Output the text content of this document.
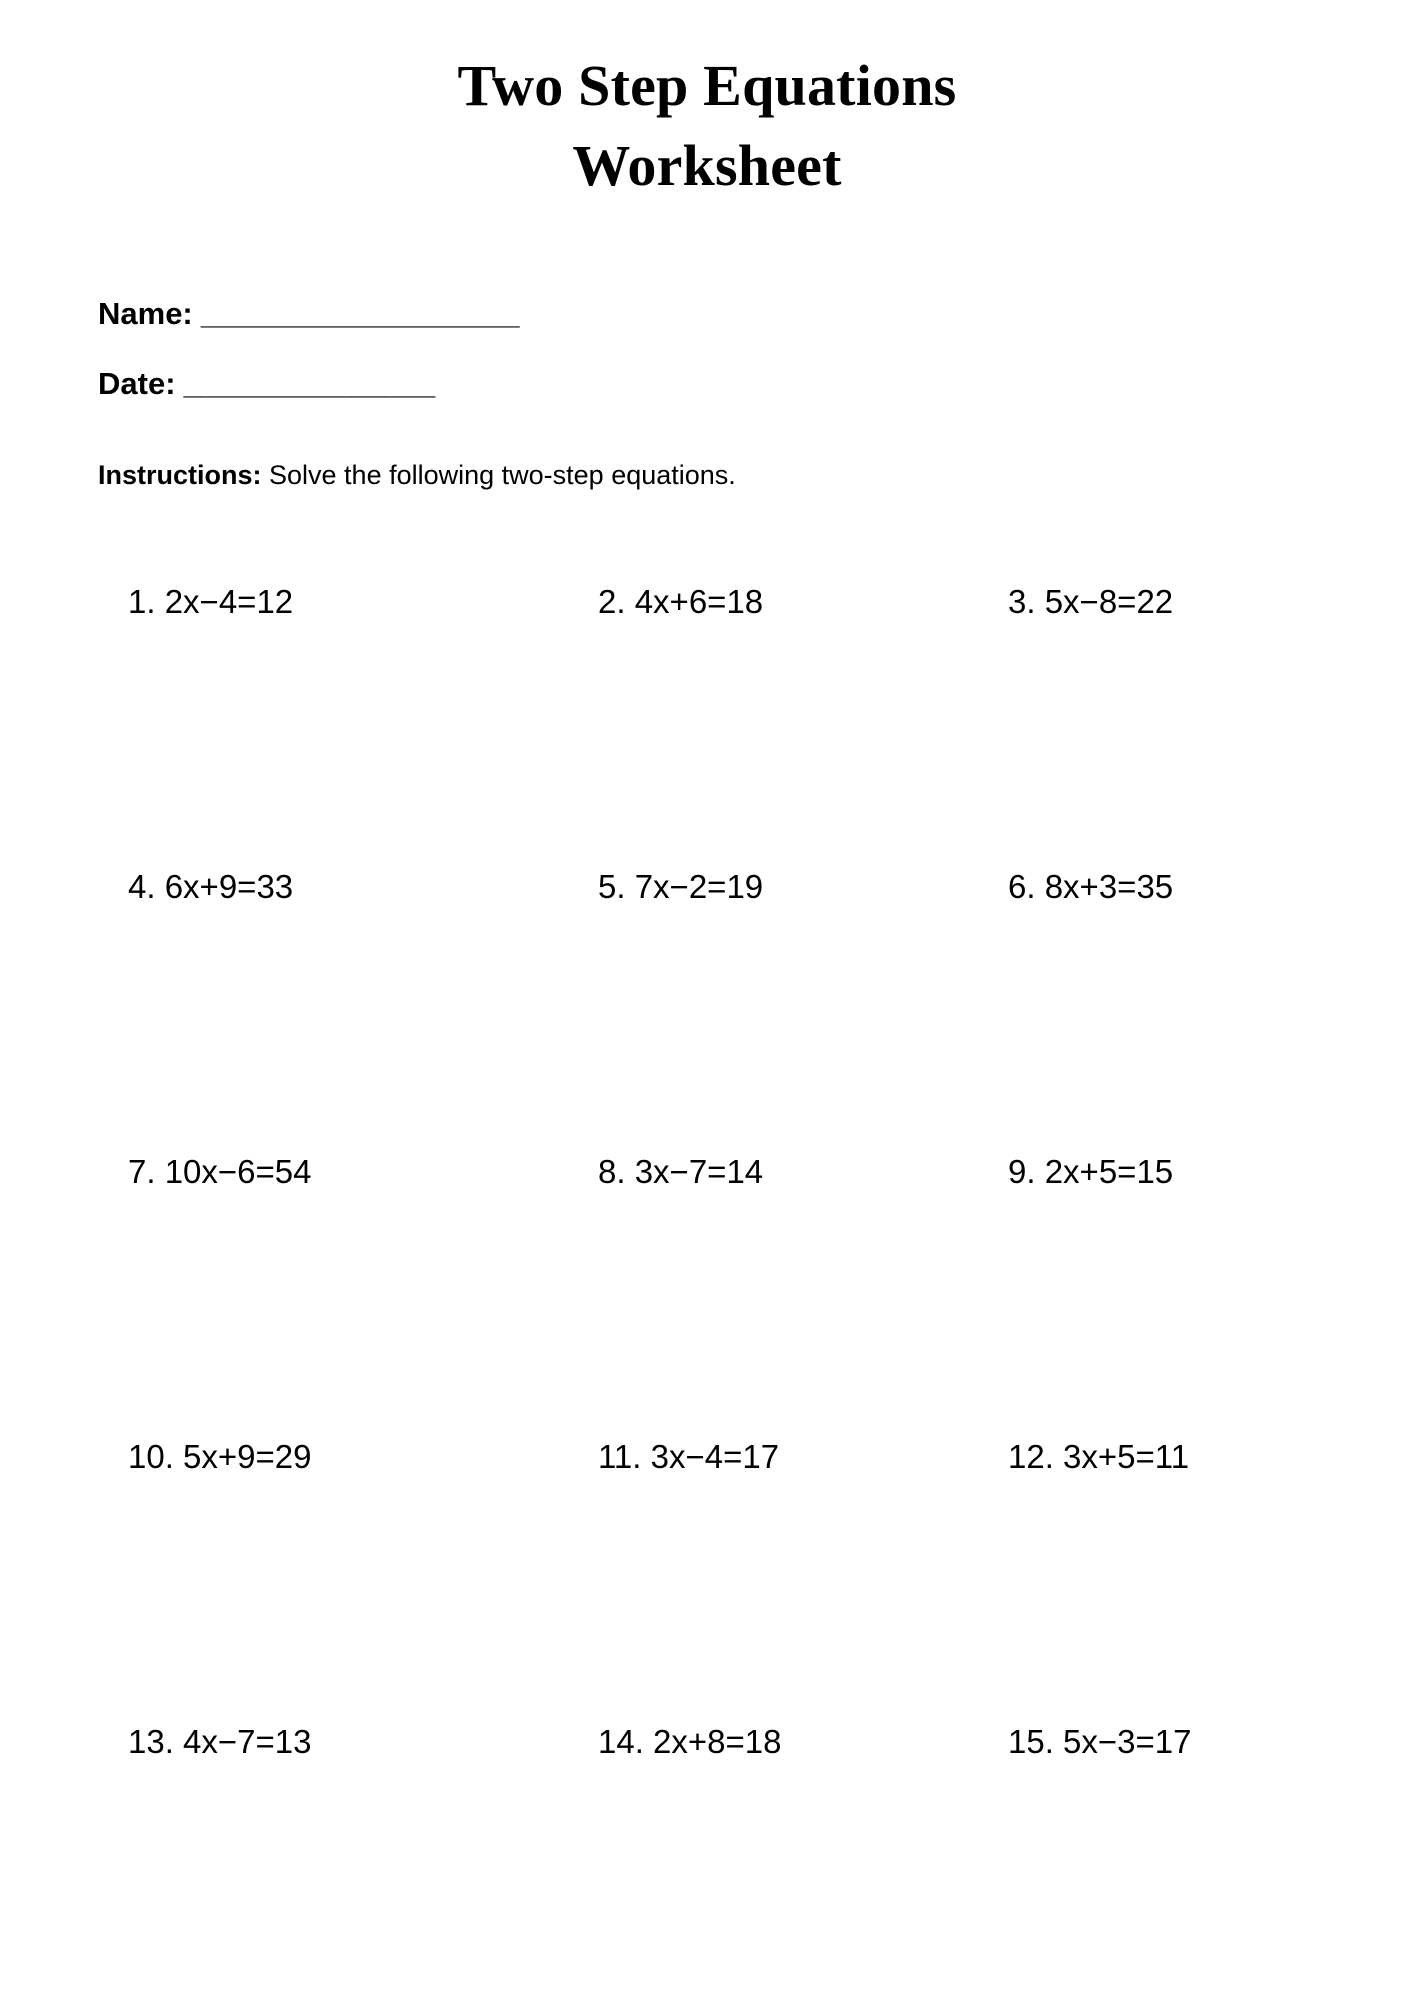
Two Step Equations
Worksheet
Name: ___________________
Date: _______________
Instructions: Solve the following two-step equations.
1. 2x−4=12	2. 4x+6=18	3. 5x−8=22
4. 6x+9=33	5. 7x−2=19	6. 8x+3=35
7. 10x−6=54	8. 3x−7=14	9. 2x+5=15
10. 5x+9=29	11. 3x−4=17	12. 3x+5=11
13. 4x−7=13	14. 2x+8=18	15. 5x−3=17
